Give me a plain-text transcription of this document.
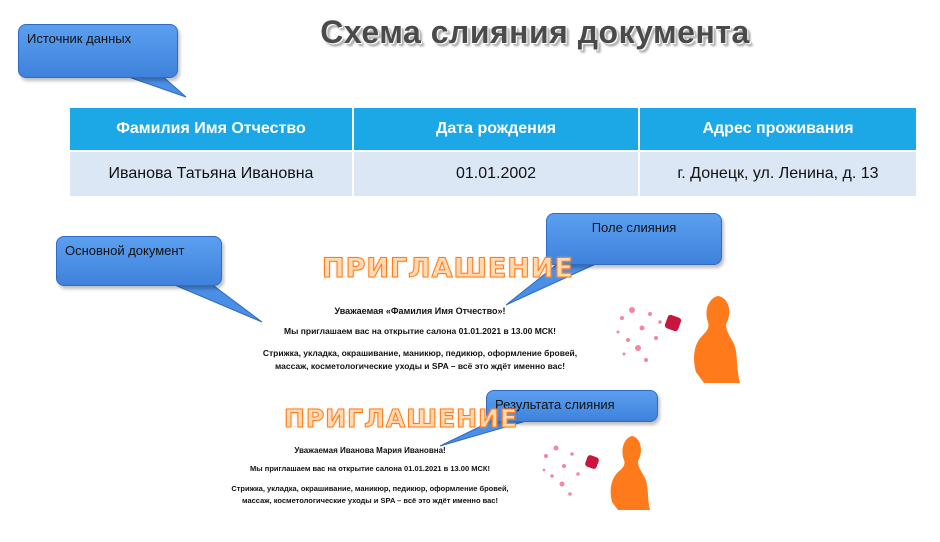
Схема слияния документа
Источник данных
Основной документ
Поле слияния
Результата слияния
Фамилия Имя Отчество	Дата рождения	Адрес проживания
Иванова Татьяна Ивановна	01.01.2002	г. Донецк, ул. Ленина, д. 13
ПРИГЛАШЕНИЕ
Уважаемая «Фамилия Имя Отчество»!
Мы приглашаем вас на открытие салона 01.01.2021 в 13.00 МСК!
Стрижка, укладка, окрашивание, маникюр, педикюр, оформление бровей,
массаж, косметологические уходы и SPA – всё это ждёт именно вас!
ПРИГЛАШЕНИЕ
Уважаемая Иванова Мария Ивановна!
Мы приглашаем вас на открытие салона 01.01.2021 в 13.00 МСК!
Стрижка, укладка, окрашивание, маникюр, педикюр, оформление бровей,
массаж, косметологические уходы и SPA – всё это ждёт именно вас!
